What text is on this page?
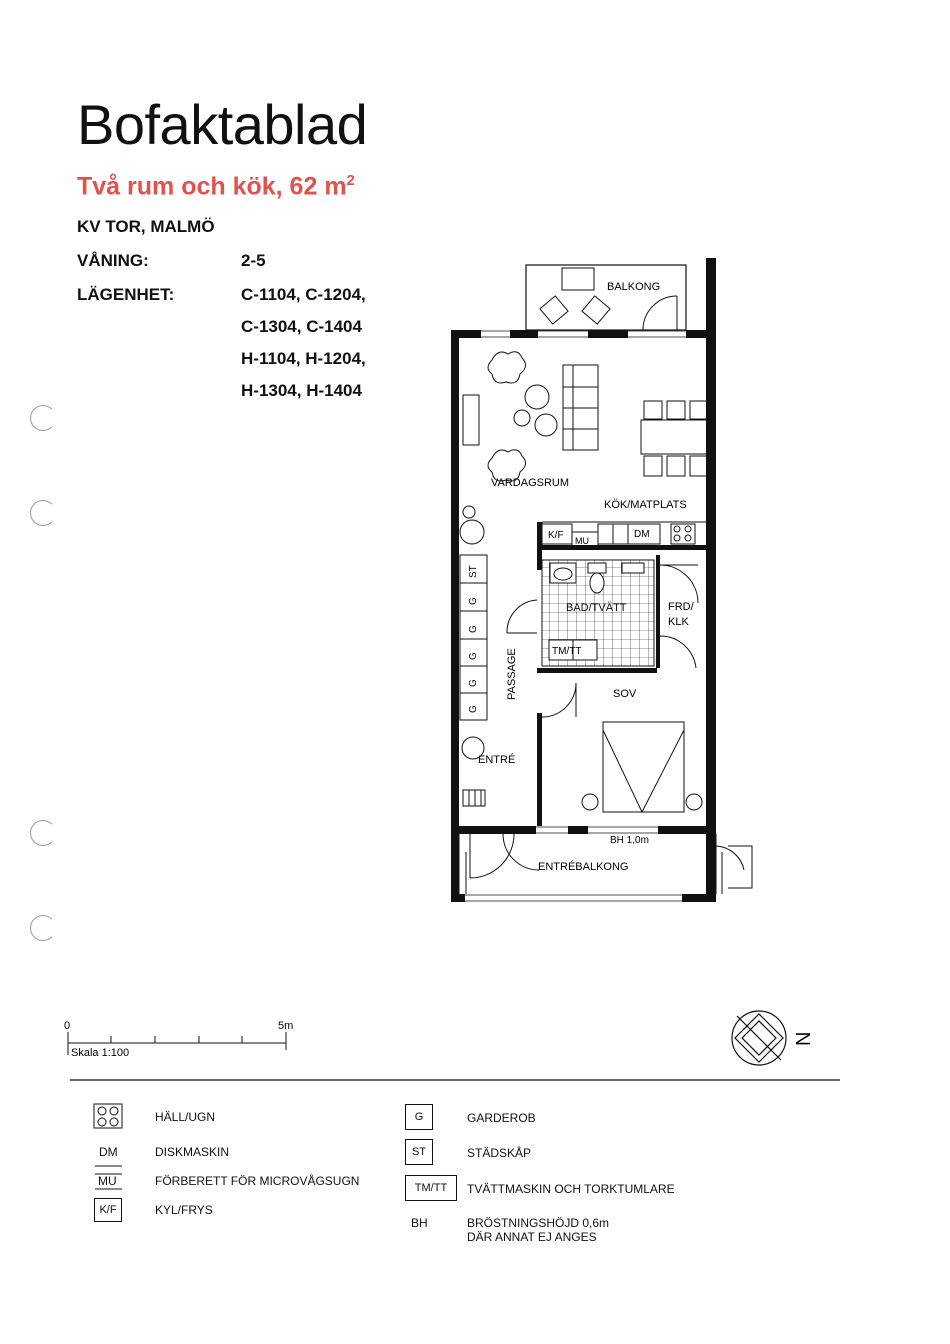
Bofaktablad
Två rum och kök, 62 $m^2$
KV TOR, MALMÖ
VÅNING:	2-5
LÄGENHET:	C-1104, C-1204,
C-1304, C-1404
H-1104, H-1204,
H-1304, H-1404
BALKONG
VARDAGSRUM
KÖK/MATPLATS
K/F MU
DM
BAD/TVÄTT	FRD/
KLK
TM/TT
PASSAGE	SOV
ENTRÉ
BH 1,0m
ENTRÉBALKONG
ST
G
G
G
G
G
0	5m
Skala 1:100
N
HÄLL/UGN
DM	DISKMASKIN
MU	FÖRBERETT FÖR MICROVÅGSUGN
K/F	KYL/FRYS
G	GARDEROB
ST	STÄDSKÅP
TM/TT TVÄTTMASKIN OCH TORKTUMLARE
BH	BRÖSTNINGSHÖJD 0,6m
DÄR ANNAT EJ ANGES
